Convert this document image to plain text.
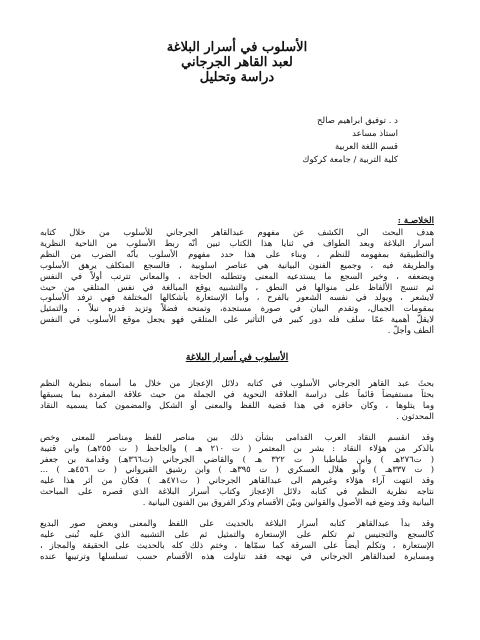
الأسلوب في أسرار البلاغة
لعبد القاهر الجرجاني
دراسة وتحليل
د . توفيق ابراهيم صالح
استاذ مساعد
قسم اللغة العربية
كلية التربية / جامعة كركوك
الخلاصـة :
هدف البحث الى الكشف عن مفهوم عبدالقاهر الجرجاني للأسلوب من خلال كتابه
أسرار البلاغة وبعد الطواف في ثنايا هذا الكتاب تبين أنّه ربط الأسلوب من الناحية النظرية
والتطبيقية بمفهومه للنظم ، وبناء على هذا حدد مفهوم الأسلوب بأنّه الضرب من النظم
والطريقة فيه ، وجميع الفنون البيانية هي عناصر اسلوبية ، فالسجع المتكلف يرهق الأسلوب
ويضعفه ، وخير السجع ما يستدعيه المعنى وتتطلبه الحاجة ، والمعاني تترتب أولاً في النفس
ثم تنسج الألفاظ على منوالها في النطق ، والتشبيه يوقع المبالغة في نفس المتلقي من حيث
لايشعر ، ويولد في نفسه الشعور بالفرح ، وأما الإستعارة بأشكالها المختلفة فهي ترفد الأسلوب
بمقومات الجمال، وتقدم البيان في صورة مستجدة، وتمنحه فضلاً وتزيد قدره نبلاً ، والتمثيل
لايقلّ أهمية عمّا سلف فله دور كبير في التأثير على المتلقي فهو يجعل موقع الأسلوب في النفس
ألطف وأجلّ .
الأسلوب في أسرار البلاغة
بحثَ عبد القاهر الجرجاني الأسلوب في كتابه دلائل الإعجاز من خلال ما أسماه بنظرية النظم
بحثاً مستفيضاً قائماً على دراسة العلاقة النحوية في الجملة من حيث علاقة المفردة بما يسبقها
وما يتلوها ، وكان حافزه في هذا قضية اللفظ والمعنى أو الشكل والمضمون كما يسميه النقاد
المحدثون .
وقد انقسم النقاد العرب القدامى بشأن ذلك بين مناصر للفظ ومناصر للمعنى وخص
بالذكر من هؤلاء النقاد : بشر بن المعتمر ( ت ٢١٠ هـ ) والجاحظ ( ت ٢٥٥هـ) وابن قتيبة
( ت٢٧٦هـ ) وابن طباطبا ( ت ٣٢٢ هـ ) والقاضي الجرجاني (ت٣٦٦هـ) وقدامة بن جعفر
( ت ٣٣٧هـ ) وأبو هلال العسكري ( ت ٣٩٥هـ ) وابن رشيق القيرواني ( ت ٤٥٦هـ ) ...
وقد انتهت آراء هؤلاء وغيرهم الى عبدالقاهر الجرجاني ( ت٤٧١هـ ) فكان من أثر هذا عليه
نتاجه نظرية النظم في كتابه دلائل الإعجاز وكتاب أسرار البلاغة الذي قصره على المباحث
البيانية وقد وضع فيه الأصول والقوانين وبيّن الأقسام وذكر الفروق بين الفنون البيانية .
وقد بدأ عبدالقاهر كتابه أسرار البلاغة بالحديث على اللفظ والمعنى وبعض صور البديع
كالسجع والتجنيس ثم تكلم على الإستعارة والتمثيل ثم على التشبيه الذي عليه تُبنى عليه
الإستعارة ، وتكلم أيضاً على السرقة كما سمّاها ، وختم ذلك كله بالحديث على الحقيقة والمجاز ،
ومسايرة لعبدالقاهر الجرجاني في نهجه فقد تناولت هذه الأقسام حسب تسلسلها وترتيبها عنده
